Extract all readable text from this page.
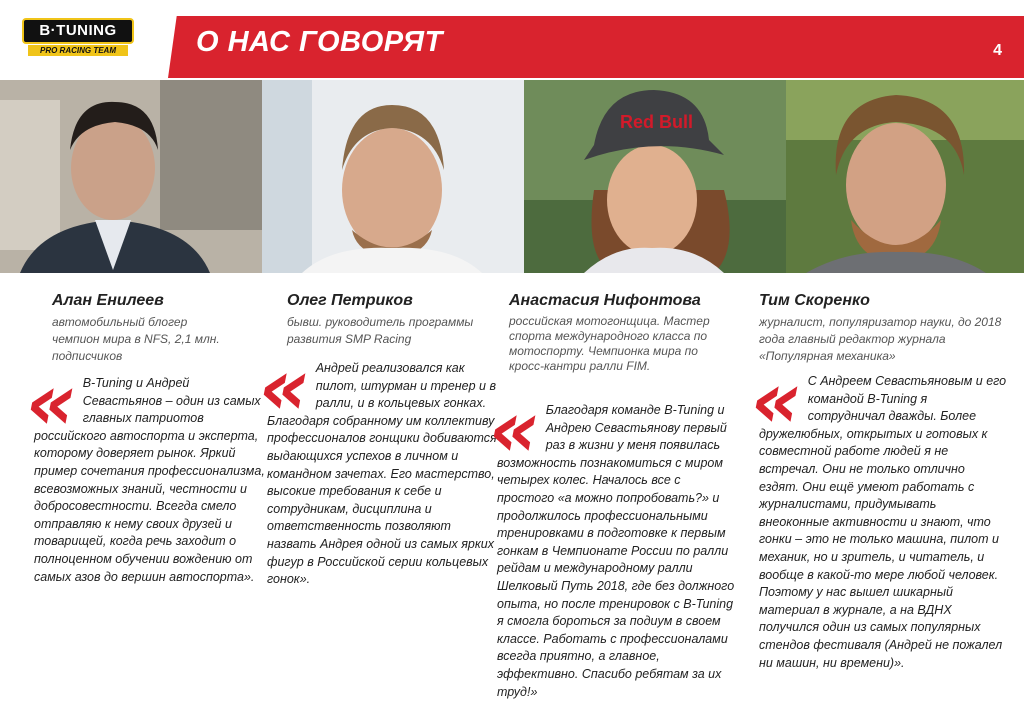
B·TUNING
PRO RACING TEAM	О НАС ГОВОРЯТ	4
Red Bull
Алан Енилеев
автомобильный блогер чемпион мира в NFS, 2,1 млн. подписчиков
« B-Tuning и Андрей Севастьянов – один из самых главных патриотов российского автоспорта и эксперта, которому доверяет рынок. Яркий пример сочетания профессионализма, всевозможных знаний, честности и добросовестности. Всегда смело отправляю к нему своих друзей и товарищей, когда речь заходит о полноценном обучении вождению от самых азов до вершин автоспорта».
Олег Петриков
бывш. руководитель программы развития SMP Racing
« Андрей реализовался как пилот, штурман и тренер и в ралли, и в кольцевых гонках. Благодаря собранному им коллективу профессионалов гонщики добиваются выдающихся успехов в личном и командном зачетах. Его мастерство, высокие требования к себе и сотрудникам, дисциплина и ответственность позволяют назвать Андрея одной из самых ярких фигур в Российской серии кольцевых гонок».
Анастасия Нифонтова
российская мотогонщица. Мастер спорта международного класса по мотоспорту. Чемпионка мира по кросс-кантри ралли FIM.
« Благодаря команде B-Tuning и Андрею Севастьянову первый раз в жизни у меня появилась возможность познакомиться с миром четырех колес. Началось все с простого «а можно попробовать?» и продолжилось профессиональными тренировками в подготовке к первым гонкам в Чемпионате России по ралли рейдам и международному ралли Шелковый Путь 2018, где без должного опыта, но после тренировок с B-Tuning я смогла бороться за подиум в своем классе. Работать с профессионалами всегда приятно, а главное, эффективно. Спасибо ребятам за их труд!»
Тим Скоренко
журналист, популяризатор науки, до 2018 года главный редактор журнала «Популярная механика»
« С Андреем Севастьяновым и его командой B-Tuning я сотрудничал дважды. Более дружелюбных, открытых и готовых к совместной работе людей я не встречал. Они не только отлично ездят. Они ещё умеют работать с журналистами, придумывать внеоконные активности и знают, что гонки – это не только машина, пилот и механик, но и зритель, и читатель, и вообще в какой-то мере любой человек. Поэтому у нас вышел шикарный материал в журнале, а на ВДНХ получился один из самых популярных стендов фестиваля (Андрей не пожалел ни машин, ни времени)».
